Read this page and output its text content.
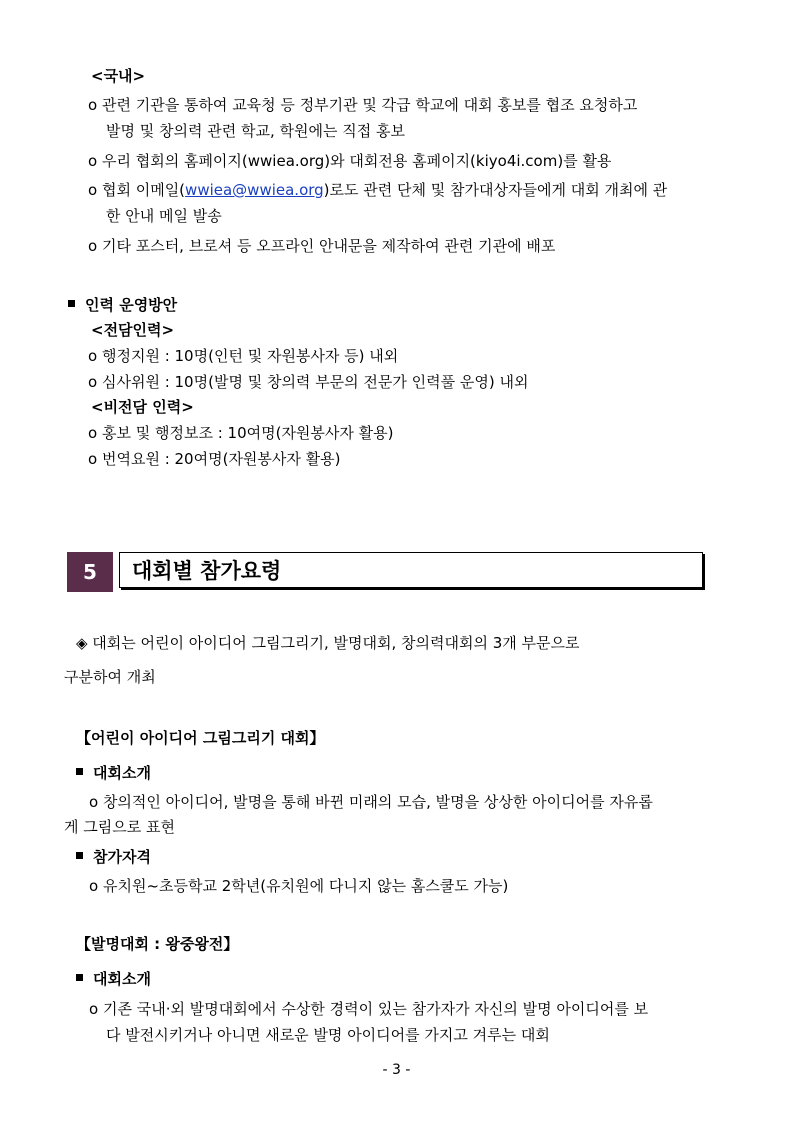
<국내>
o 관련 기관을 통하여 교육청 등 정부기관 및 각급 학교에 대회 홍보를 협조 요청하고
발명 및 창의력 관련 학교, 학원에는 직접 홍보
o 우리 협회의 홈페이지(wwiea.org)와 대회전용 홈페이지(kiyo4i.com)를 활용
o 협회 이메일(wwiea@wwiea.org)로도 관련 단체 및 참가대상자들에게 대회 개최에 관
한 안내 메일 발송
o 기타 포스터, 브로셔 등 오프라인 안내문을 제작하여 관련 기관에 배포
인력 운영방안
<전담인력>
o 행정지원 : 10명(인턴 및 자원봉사자 등) 내외
o 심사위원 : 10명(발명 및 창의력 부문의 전문가 인력풀 운영) 내외
<비전담 인력>
o 홍보 및 행정보조 : 10여명(자원봉사자 활용)
o 번역요원 : 20여명(자원봉사자 활용)
5	대회별 참가요령
◈ 대회는 어린이 아이디어 그림그리기, 발명대회, 창의력대회의 3개 부문으로
구분하여 개최
【어린이 아이디어 그림그리기 대회】
대회소개
o 창의적인 아이디어, 발명을 통해 바뀐 미래의 모습, 발명을 상상한 아이디어를 자유롭
게 그림으로 표현
참가자격
o 유치원~초등학교 2학년(유치원에 다니지 않는 홈스쿨도 가능)
【발명대회 : 왕중왕전】
대회소개
o 기존 국내·외 발명대회에서 수상한 경력이 있는 참가자가 자신의 발명 아이디어를 보
다 발전시키거나 아니면 새로운 발명 아이디어를 가지고 겨루는 대회
- 3 -
